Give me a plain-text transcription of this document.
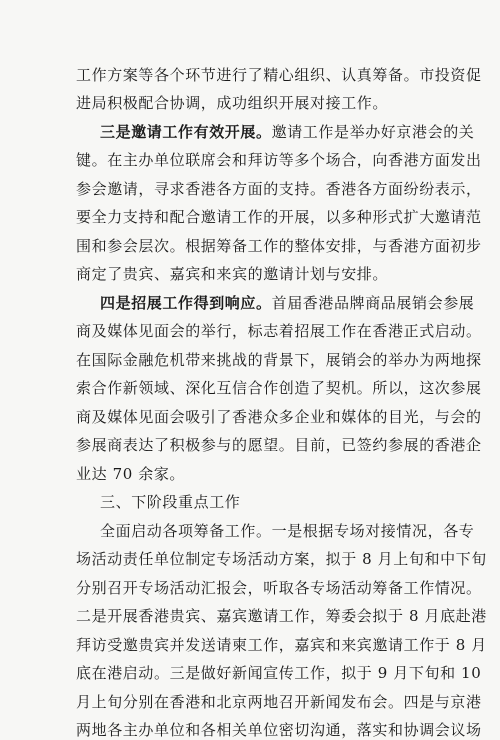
工作方案等各个环节进行了精心组织、认真筹备。市投资促
进局积极配合协调，成功组织开展对接工作。
三是邀请工作有效开展。邀请工作是举办好京港会的关
键。在主办单位联席会和拜访等多个场合，向香港方面发出
参会邀请，寻求香港各方面的支持。香港各方面纷纷表示，
要全力支持和配合邀请工作的开展，以多种形式扩大邀请范
围和参会层次。根据筹备工作的整体安排，与香港方面初步
商定了贵宾、嘉宾和来宾的邀请计划与安排。
四是招展工作得到响应。首届香港品牌商品展销会参展
商及媒体见面会的举行，标志着招展工作在香港正式启动。
在国际金融危机带来挑战的背景下，展销会的举办为两地探
索合作新领域、深化互信合作创造了契机。所以，这次参展
商及媒体见面会吸引了香港众多企业和媒体的目光，与会的
参展商表达了积极参与的愿望。目前，已签约参展的香港企
业达 70 余家。
三、下阶段重点工作
全面启动各项筹备工作。一是根据专场对接情况，各专
场活动责任单位制定专场活动方案，拟于 8 月上旬和中下旬
分别召开专场活动汇报会，听取各专场活动筹备工作情况。
二是开展香港贵宾、嘉宾邀请工作，筹委会拟于 8 月底赴港
拜访受邀贵宾并发送请柬工作，嘉宾和来宾邀请工作于 8 月
底在港启动。三是做好新闻宣传工作，拟于 9 月下旬和 10
月上旬分别在香港和北京两地召开新闻发布会。四是与京港
两地各主办单位和各相关单位密切沟通，落实和协调会议场
